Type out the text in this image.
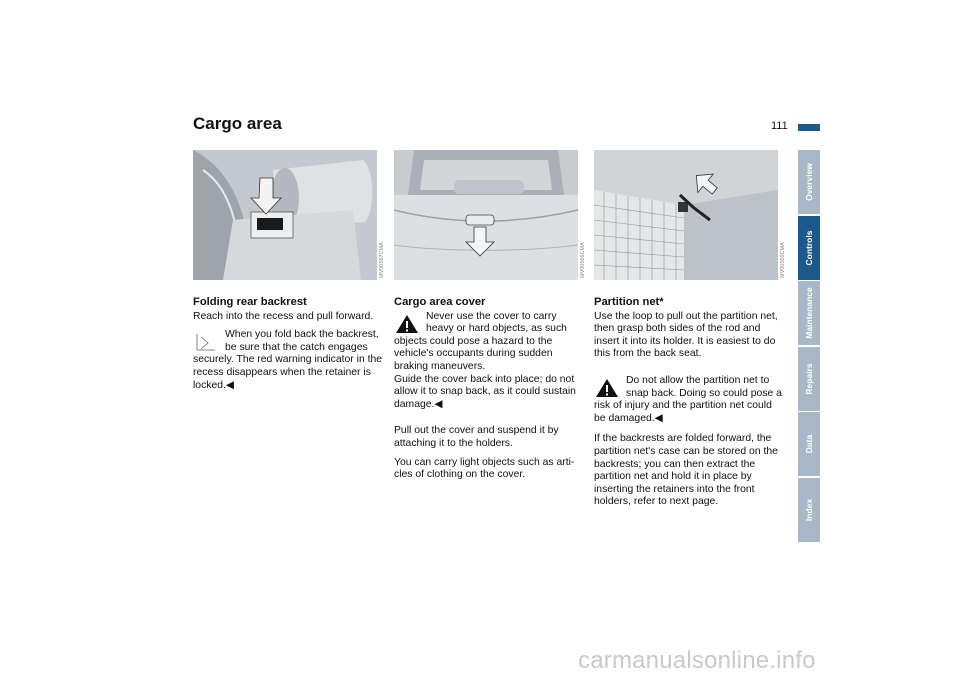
Cargo area	111
MV00567CMA	MV00566CMA	MV00565CMA
Folding rear backrest

Reach into the recess and pull forward.

When you fold back the backrest, be sure that the catch engages securely. The red warning indicator in the recess disappears when the retainer is locked.◀

Cargo area cover

Never use the cover to carry heavy or hard objects, as such objects could pose a hazard to the vehicle's occupants during sudden braking maneuvers.

Guide the cover back into place; do not allow it to snap back, as it could sustain damage.◀

Pull out the cover and suspend it by attaching it to the holders.

You can carry light objects such as arti-cles of clothing on the cover.

Partition net*

Use the loop to pull out the partition net, then grasp both sides of the rod and insert it into its holder. It is easiest to do this from the back seat.

Do not allow the partition net to snap back. Doing so could pose a risk of injury and the partition net could be damaged.◀

If the backrests are folded forward, the partition net's case can be stored on the backrests; you can then extract the partition net and hold it in place by inserting the retainers into the front holders, refer to next page.

Overview
Controls
Maintenance
Repairs
Data
Index
carmanualsonline.info
